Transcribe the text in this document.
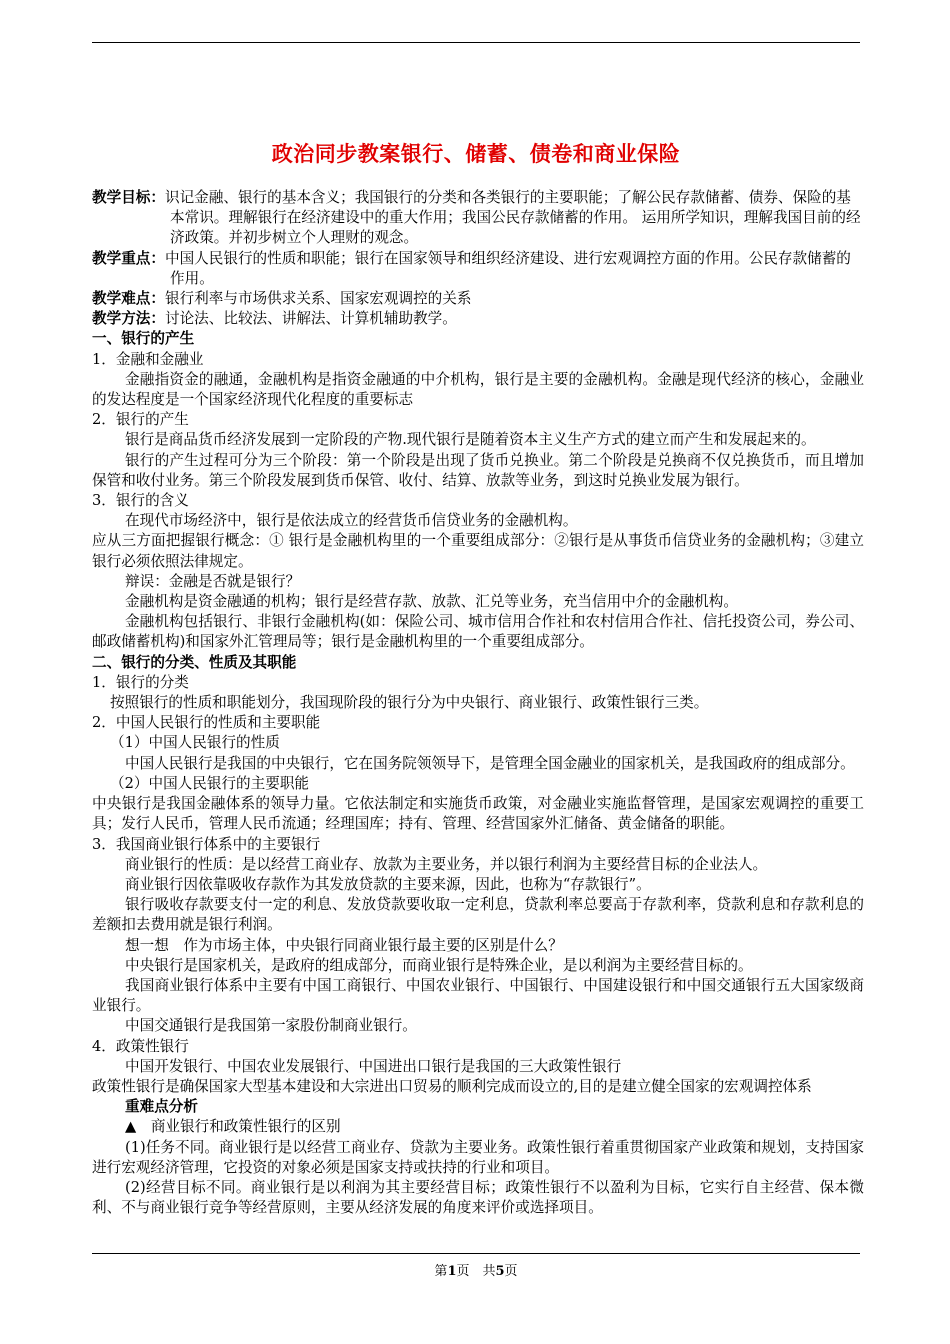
政治同步教案银行、储蓄、债卷和商业保险

教学目标：识记金融、银行的基本含义；我国银行的分类和各类银行的主要职能；了解公民存款储蓄、债券、保险的基本常识。理解银行在经济建设中的重大作用；我国公民存款储蓄的作用。 运用所学知识，理解我国目前的经济政策。并初步树立个人理财的观念。

教学重点：中国人民银行的性质和职能；银行在国家领导和组织经济建设、进行宏观调控方面的作用。公民存款储蓄的作用。

教学难点：银行利率与市场供求关系、国家宏观调控的关系

教学方法：讨论法、比较法、讲解法、计算机辅助教学。

一、银行的产生

1．金融和金融业

金融指资金的融通，金融机构是指资金融通的中介机构，银行是主要的金融机构。金融是现代经济的核心，金融业的发达程度是一个国家经济现代化程度的重要标志

2．银行的产生

银行是商品货币经济发展到一定阶段的产物.现代银行是随着资本主义生产方式的建立而产生和发展起来的。

银行的产生过程可分为三个阶段：第一个阶段是出现了货币兑换业。第二个阶段是兑换商不仅兑换货币，而且增加保管和收付业务。第三个阶段发展到货币保管、收付、结算、放款等业务，到这时兑换业发展为银行。

3．银行的含义

在现代市场经济中，银行是依法成立的经营货币信贷业务的金融机构。

应从三方面把握银行概念：① 银行是金融机构里的一个重要组成部分：②银行是从事货币信贷业务的金融机构；③建立银行必须依照法律规定。

辩误：金融是否就是银行？

金融机构是资金融通的机构；银行是经营存款、放款、汇兑等业务，充当信用中介的金融机构。

金融机构包括银行、非银行金融机构(如：保险公司、城市信用合作社和农村信用合作社、信托投资公司，券公司、邮政储蓄机构)和国家外汇管理局等；银行是金融机构里的一个重要组成部分。

二、银行的分类、性质及其职能

1．银行的分类

按照银行的性质和职能划分，我国现阶段的银行分为中央银行、商业银行、政策性银行三类。

2．中国人民银行的性质和主要职能

（1）中国人民银行的性质

中国人民银行是我国的中央银行，它在国务院领领导下，是管理全国金融业的国家机关，是我国政府的组成部分。

（2）中国人民银行的主要职能

中央银行是我国金融体系的领导力量。它依法制定和实施货币政策，对金融业实施监督管理，是国家宏观调控的重要工具；发行人民币，管理人民币流通；经理国库；持有、管理、经营国家外汇储备、黄金储备的职能。

3．我国商业银行体系中的主要银行

商业银行的性质：是以经营工商业存、放款为主要业务，并以银行利润为主要经营目标的企业法人。

商业银行因依靠吸收存款作为其发放贷款的主要来源，因此，也称为“存款银行”。

银行吸收存款要支付一定的利息、发放贷款要收取一定利息，贷款利率总要高于存款利率，贷款利息和存款利息的差额扣去费用就是银行利润。

想一想　作为市场主体，中央银行同商业银行最主要的区别是什么？

中央银行是国家机关，是政府的组成部分，而商业银行是特殊企业，是以利润为主要经营目标的。

我国商业银行体系中主要有中国工商银行、中国农业银行、中国银行、中国建设银行和中国交通银行五大国家级商业银行。

中国交通银行是我国第一家股份制商业银行。

4．政策性银行

中国开发银行、中国农业发展银行、中国进出口银行是我国的三大政策性银行

政策性银行是确保国家大型基本建设和大宗进出口贸易的顺利完成而设立的,目的是建立健全国家的宏观调控体系

重难点分析

▲　商业银行和政策性银行的区别

(1)任务不同。商业银行是以经营工商业存、贷款为主要业务。政策性银行着重贯彻国家产业政策和规划，支持国家进行宏观经济管理，它投资的对象必须是国家支持或扶持的行业和项目。

(2)经营目标不同。商业银行是以利润为其主要经营目标；政策性银行不以盈利为目标，它实行自主经营、保本微利、不与商业银行竞争等经营原则，主要从经济发展的角度来评价或选择项目。

第1页　共5页
